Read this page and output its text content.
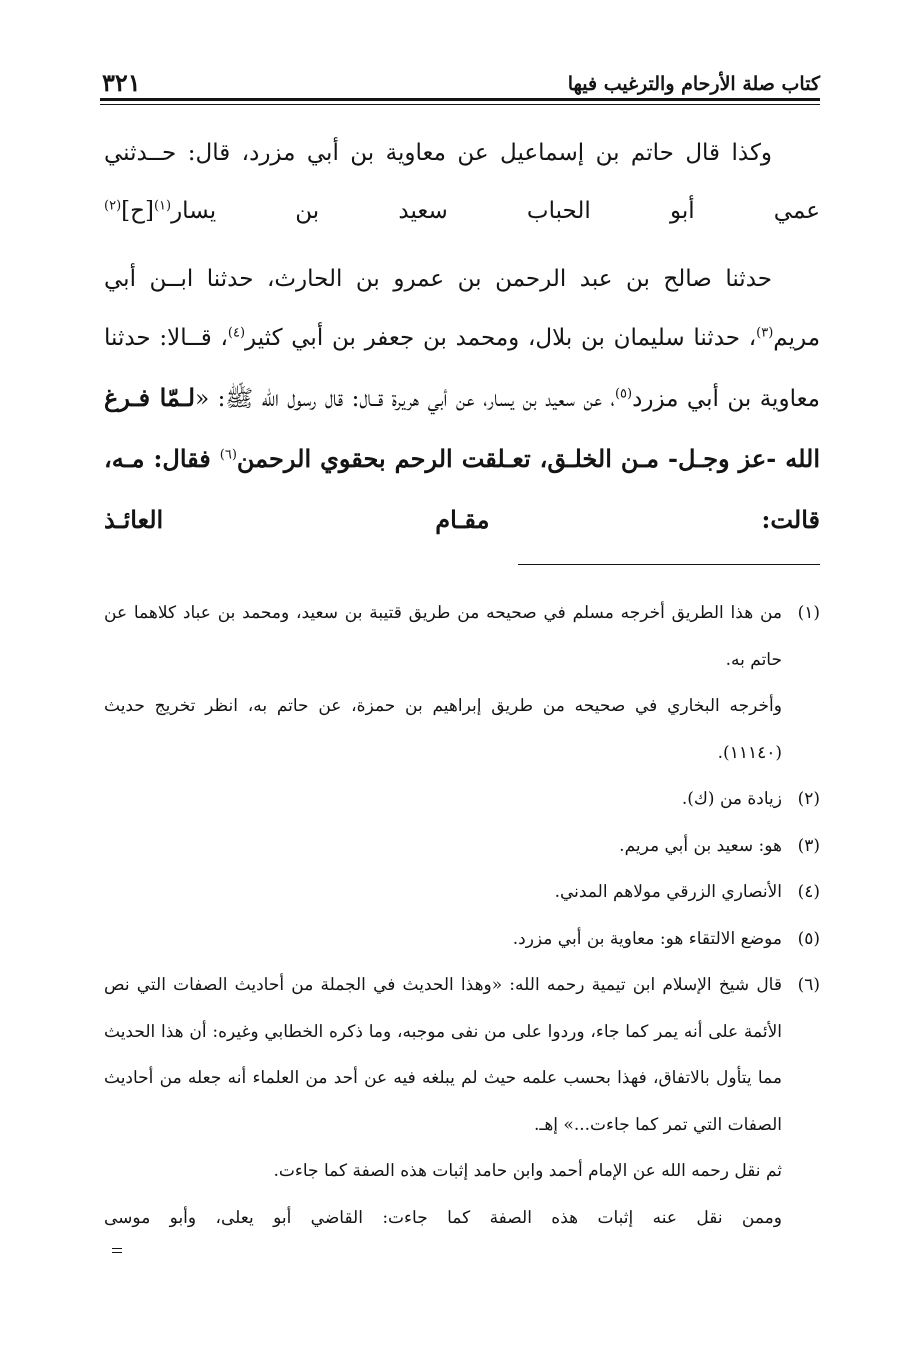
كتاب صلة الأرحام والترغيب فيها
٣٢١

وكذا قال حاتم بن إسماعيل عن معاوية بن أبي مزرد، قال: حــدثني عمي أبو الحباب سعيد بن يسار$^{(١)}$[ح]$^{(٢)}$

حدثنا صالح بن عبد الرحمن بن عمرو بن الحارث، حدثنا ابــن أبي مريم$^{(٣)}$، حدثنا سليمان بن بلال، ومحمد بن جعفر بن أبي كثير$^{(٤)}$، قــالا: حدثنا معاوية بن أبي مزرد$^{(٥)}$، عن سعيد بن يسار، عن أبي هريرة قــال: قال رسول الله ﷺ: «لـمّا فـرغ الله -عز وجـل- مـن الخلـق، تعـلقت الرحم بحقوي الرحمن$^{(٦)}$ فقال: مـه، قالت: مقـام العائـذ

(١)من هذا الطريق أخرجه مسلم في صحيحه من طريق قتيبة بن سعيد، ومحمد بن عباد كلاهما عن حاتم به.

وأخرجه البخاري في صحيحه من طريق إبراهيم بن حمزة، عن حاتم به، انظر تخريج حديث (١١١٤٠).

(٢)زيادة من (ك).

(٣)هو: سعيد بن أبي مريم.

(٤)الأنصاري الزرقي مولاهم المدني.

(٥)موضع الالتقاء هو: معاوية بن أبي مزرد.

(٦)قال شيخ الإسلام ابن تيمية رحمه الله: «وهذا الحديث في الجملة من أحاديث الصفات التي نص الأئمة على أنه يمر كما جاء، وردوا على من نفى موجبه، وما ذكره الخطابي وغيره: أن هذا الحديث مما يتأول بالاتفاق، فهذا بحسب علمه حيث لم يبلغه فيه عن أحد من العلماء أنه جعله من أحاديث الصفات التي تمر كما جاءت...» إهـ.

ثم نقل رحمه الله عن الإمام أحمد وابن حامد إثبات هذه الصفة كما جاءت.

وممن نقل عنه إثبات هذه الصفة كما جاءت: القاضي أبو يعلى، وأبو موسى
